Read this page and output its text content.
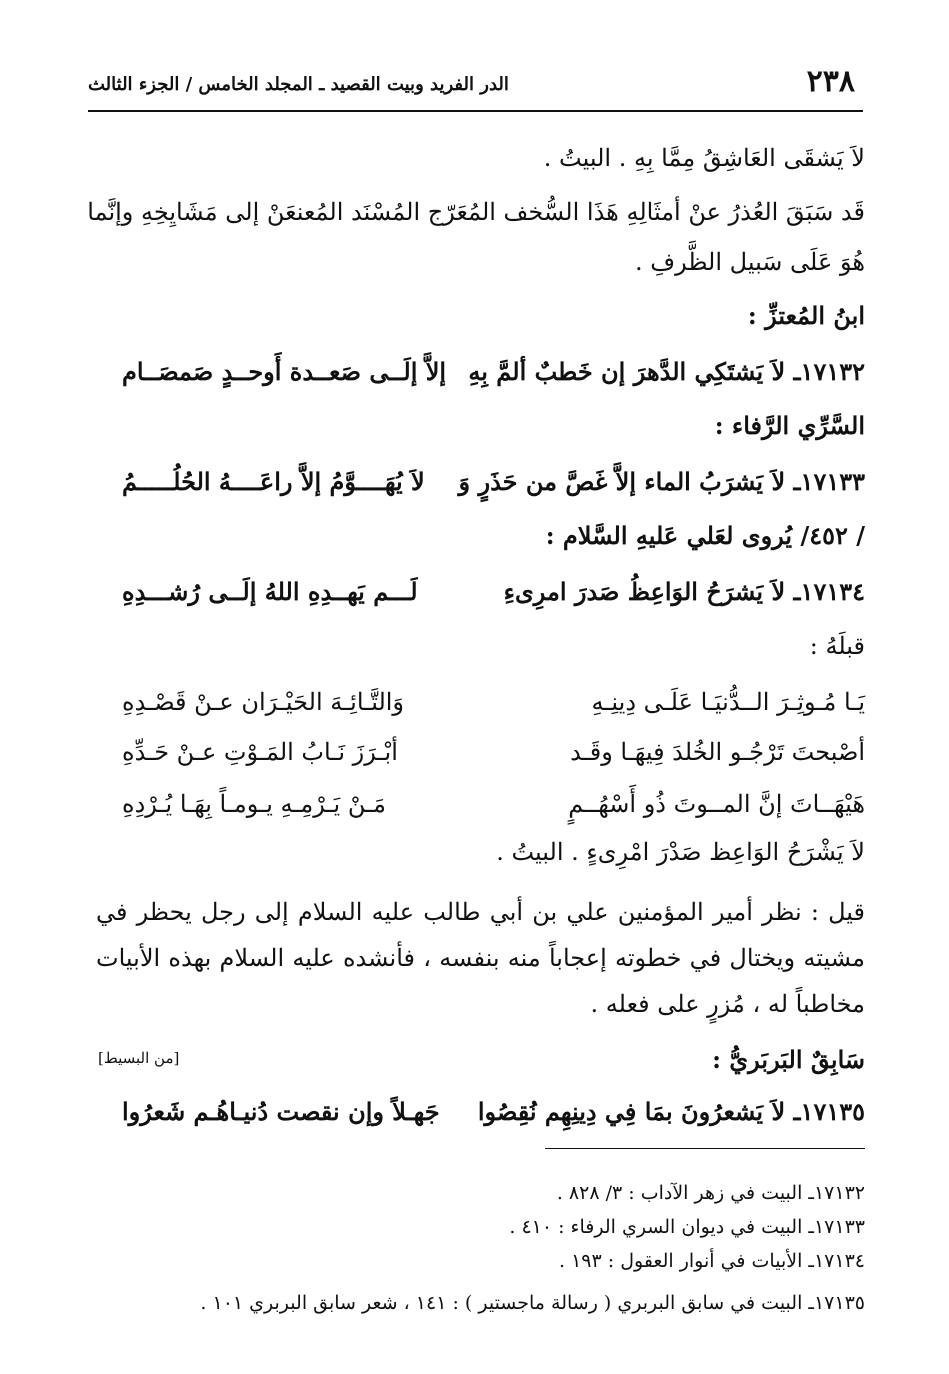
٢٣٨
الدر الفريد وبيت القصيد ـ المجلد الخامس / الجزء الثالث
لاَ يَشقَى العَاشِقُ مِمَّا بِهِ . البيتُ .
قَد سَبَقَ العُذرُ عنْ أمثَالِهِ هَذَا السُّخف المُعَرّج المُسْنَد المُعنعَنْ إلى مَشَايِخِهِ وإنَّما
هُوَ عَلَى سَبيل الظَّرفِ .
ابنُ المُعتزِّ :
١٧١٣٢ـ لاَ يَشتَكِي الدَّهرَ إن خَطبٌ ألمَّ بِهِ
إلاَّ إلَــى صَعــدة أَوحــدٍ صَمصَــام
السَّرِّي الرَّفاء :
١٧١٣٣ـ لاَ يَشرَبُ الماء إلاَّ غَصَّ من حَذَرٍ وَ
لاَ يُهَــــوَّمُ إلاَّ راعَــــهُ الحُلُـــــمُ
/ ٤٥٢/ يُروى لعَلي عَليهِ السَّلام :
١٧١٣٤ـ لاَ يَشرَحُ الوَاعِظُ صَدرَ امرِىءِ
لَـــم يَهــدِهِ اللهُ إلَــى رُشـــدِهِ
قبلَهُ :
يَـا مُـوثِـرَ الــدُّنيَـا عَلَـى دِينِـهِ
وَالتَّـائِـهَ الحَيْـرَان عـنْ قَصْـدِهِ
أصْبحتَ تَرْجُـو الخُلدَ فِيهَـا وقَـد
أبْـرَزَ نَـابُ المَـوْتِ عـنْ حَـدِّهِ
هَيْهَــاتَ إنَّ المــوتَ ذُو أَسْهُــمٍ
مَـنْ يَـرْمِـهِ يـومـاً بِهَـا يُـرْدِهِ
لاَ يَشْرَحُ الوَاعِظ صَدْرَ امْرِىءٍ . البيتُ .
قيل : نظر أمير المؤمنين علي بن أبي طالب عليه السلام إلى رجل يحظر في
مشيته ويختال في خطوته إعجاباً منه بنفسه ، فأنشده عليه السلام بهذه الأبيات
مخاطباً له ، مُزرٍ على فعله .
سَابِقٌ البَربَريُّ :
[من البسيط]
١٧١٣٥ـ لاَ يَشعرُونَ بمَا فِي دِينِهِم نُقِصُوا
جَهـلاً وإن نقصت دُنيـاهُـم شَعرُوا
١٧١٣٢ـ البيت في زهر الآداب : ٣/ ٨٢٨ .
١٧١٣٣ـ البيت في ديوان السري الرفاء : ٤١٠ .
١٧١٣٤ـ الأبيات في أنوار العقول : ١٩٣ .
١٧١٣٥ـ البيت في سابق البربري ( رسالة ماجستير ) : ١٤١ ، شعر سابق البربري ١٠١ .
